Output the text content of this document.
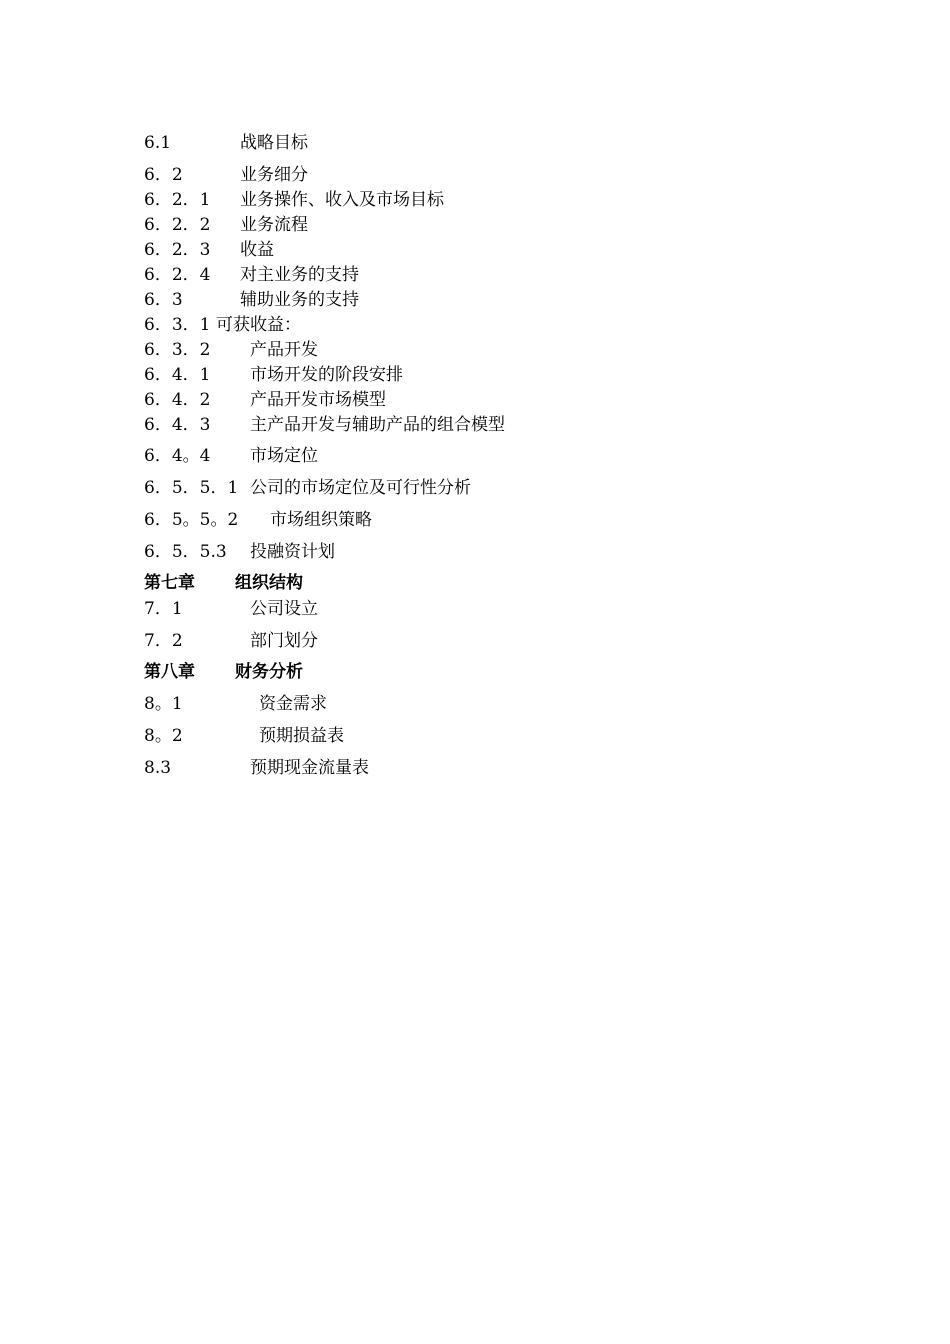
6.1	战略目标
6．2	业务细分
6．2．1 业务操作、收入及市场目标
6．2．2 业务流程
6．2．3 收益
6．2．4 对主业务的支持
6．3	辅助业务的支持
6．3．1 可获收益：
6．3．2 产品开发
6．4．1 市场开发的阶段安排
6．4．2 产品开发市场模型
6．4．3 主产品开发与辅助产品的组合模型
6．4。4 市场定位
6．5．5．1 公司的市场定位及可行性分析
6．5。5。2 市场组织策略
6．5．5.3 投融资计划
第七章 组织结构
7．1	公司设立
7．2	部门划分
第八章 财务分析
8。1	资金需求
8。2	预期损益表
8.3	预期现金流量表
